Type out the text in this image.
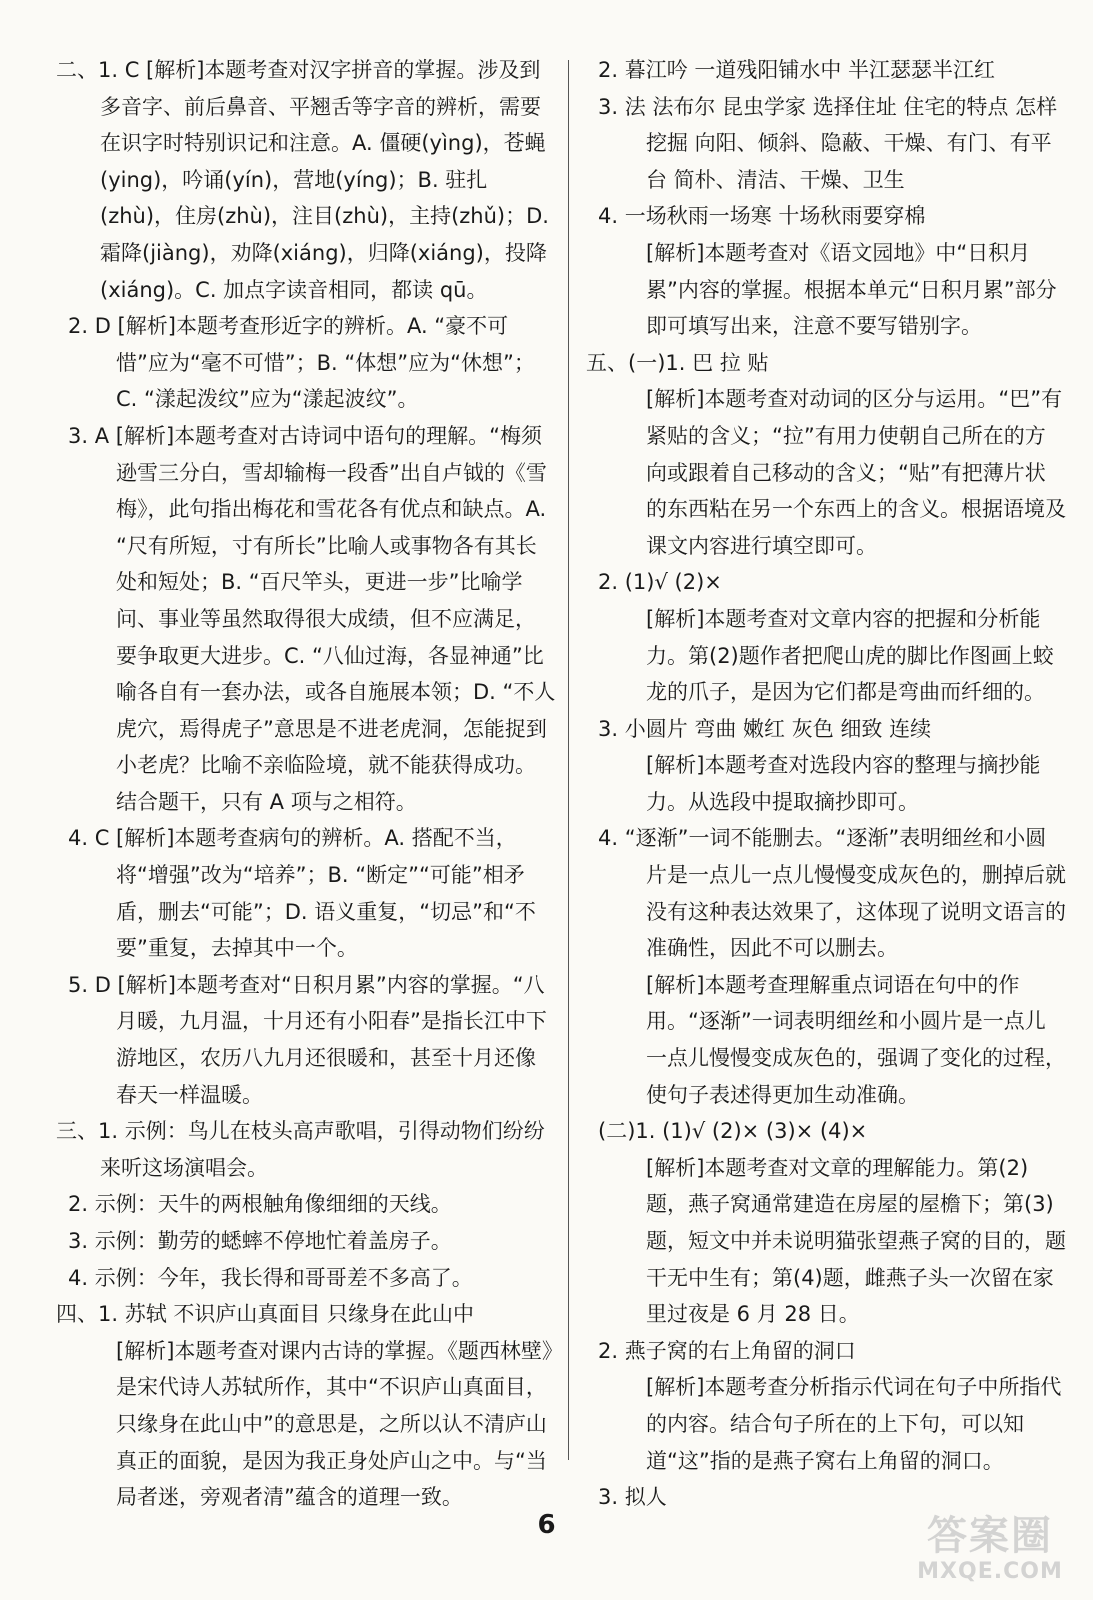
二、1. C [解析]本题考查对汉字拼音的掌握。涉及到多音字、前后鼻音、平翘舌等字音的辨析，需要在识字时特别识记和注意。A. 僵硬(yìng)，苍蝇(ying)，吟诵(yín)，营地(yíng)；B. 驻扎(zhù)，住房(zhù)，注目(zhù)，主持(zhǔ)；D. 霜降(jiàng)，劝降(xiáng)，归降(xiáng)，投降(xiáng)。C. 加点字读音相同，都读 qū。

2. D [解析]本题考查形近字的辨析。A. “豪不可惜”应为“毫不可惜”；B. “体想”应为“休想”；C. “漾起泼纹”应为“漾起波纹”。

3. A [解析]本题考查对古诗词中语句的理解。“梅须逊雪三分白，雪却输梅一段香”出自卢钺的《雪梅》，此句指出梅花和雪花各有优点和缺点。A. “尺有所短，寸有所长”比喻人或事物各有其长处和短处；B. “百尺竿头，更进一步”比喻学问、事业等虽然取得很大成绩，但不应满足，要争取更大进步。C. “八仙过海，各显神通”比喻各自有一套办法，或各自施展本领；D. “不人虎穴，焉得虎子”意思是不进老虎洞，怎能捉到小老虎？比喻不亲临险境，就不能获得成功。结合题干，只有 A 项与之相符。

4. C [解析]本题考查病句的辨析。A. 搭配不当，将“增强”改为“培养”；B. “断定”“可能”相矛盾，删去“可能”；D. 语义重复，“切忌”和“不要”重复，去掉其中一个。

5. D [解析]本题考查对“日积月累”内容的掌握。“八月暖，九月温，十月还有小阳春”是指长江中下游地区，农历八九月还很暖和，甚至十月还像春天一样温暖。

三、1. 示例：鸟儿在枝头高声歌唱，引得动物们纷纷来听这场演唱会。

2. 示例：天牛的两根触角像细细的天线。

3. 示例：勤劳的蟋蟀不停地忙着盖房子。

4. 示例：今年，我长得和哥哥差不多高了。

四、1. 苏轼 不识庐山真面目 只缘身在此山中

[解析]本题考查对课内古诗的掌握。《题西林壁》是宋代诗人苏轼所作，其中“不识庐山真面目，只缘身在此山中”的意思是，之所以认不清庐山真正的面貌，是因为我正身处庐山之中。与“当局者迷，旁观者清”蕴含的道理一致。

2. 暮江吟 一道残阳铺水中 半江瑟瑟半江红

3. 法 法布尔 昆虫学家 选择住址 住宅的特点 怎样挖掘 向阳、倾斜、隐蔽、干燥、有门、有平台 简朴、清洁、干燥、卫生

4. 一场秋雨一场寒 十场秋雨要穿棉

[解析]本题考查对《语文园地》中“日积月累”内容的掌握。根据本单元“日积月累”部分即可填写出来，注意不要写错别字。

五、(一)1. 巴 拉 贴

[解析]本题考查对动词的区分与运用。“巴”有紧贴的含义；“拉”有用力使朝自己所在的方向或跟着自己移动的含义；“贴”有把薄片状的东西粘在另一个东西上的含义。根据语境及课文内容进行填空即可。

2. (1)√ (2)×

[解析]本题考查对文章内容的把握和分析能力。第(2)题作者把爬山虎的脚比作图画上蛟龙的爪子，是因为它们都是弯曲而纤细的。

3. 小圆片 弯曲 嫩红 灰色 细致 连续

[解析]本题考查对选段内容的整理与摘抄能力。从选段中提取摘抄即可。

4. “逐渐”一词不能删去。“逐渐”表明细丝和小圆片是一点儿一点儿慢慢变成灰色的，删掉后就没有这种表达效果了，这体现了说明文语言的准确性，因此不可以删去。

[解析]本题考查理解重点词语在句中的作用。“逐渐”一词表明细丝和小圆片是一点儿一点儿慢慢变成灰色的，强调了变化的过程，使句子表述得更加生动准确。

(二)1. (1)√ (2)× (3)× (4)×

[解析]本题考查对文章的理解能力。第(2)题，燕子窝通常建造在房屋的屋檐下；第(3)题，短文中并未说明猫张望燕子窝的目的，题干无中生有；第(4)题，雌燕子头一次留在家里过夜是 6 月 28 日。

2. 燕子窝的右上角留的洞口

[解析]本题考查分析指示代词在句子中所指代的内容。结合句子所在的上下句，可以知道“这”指的是燕子窝右上角留的洞口。

3. 拟人

6	答案圈
MXQE.COM
